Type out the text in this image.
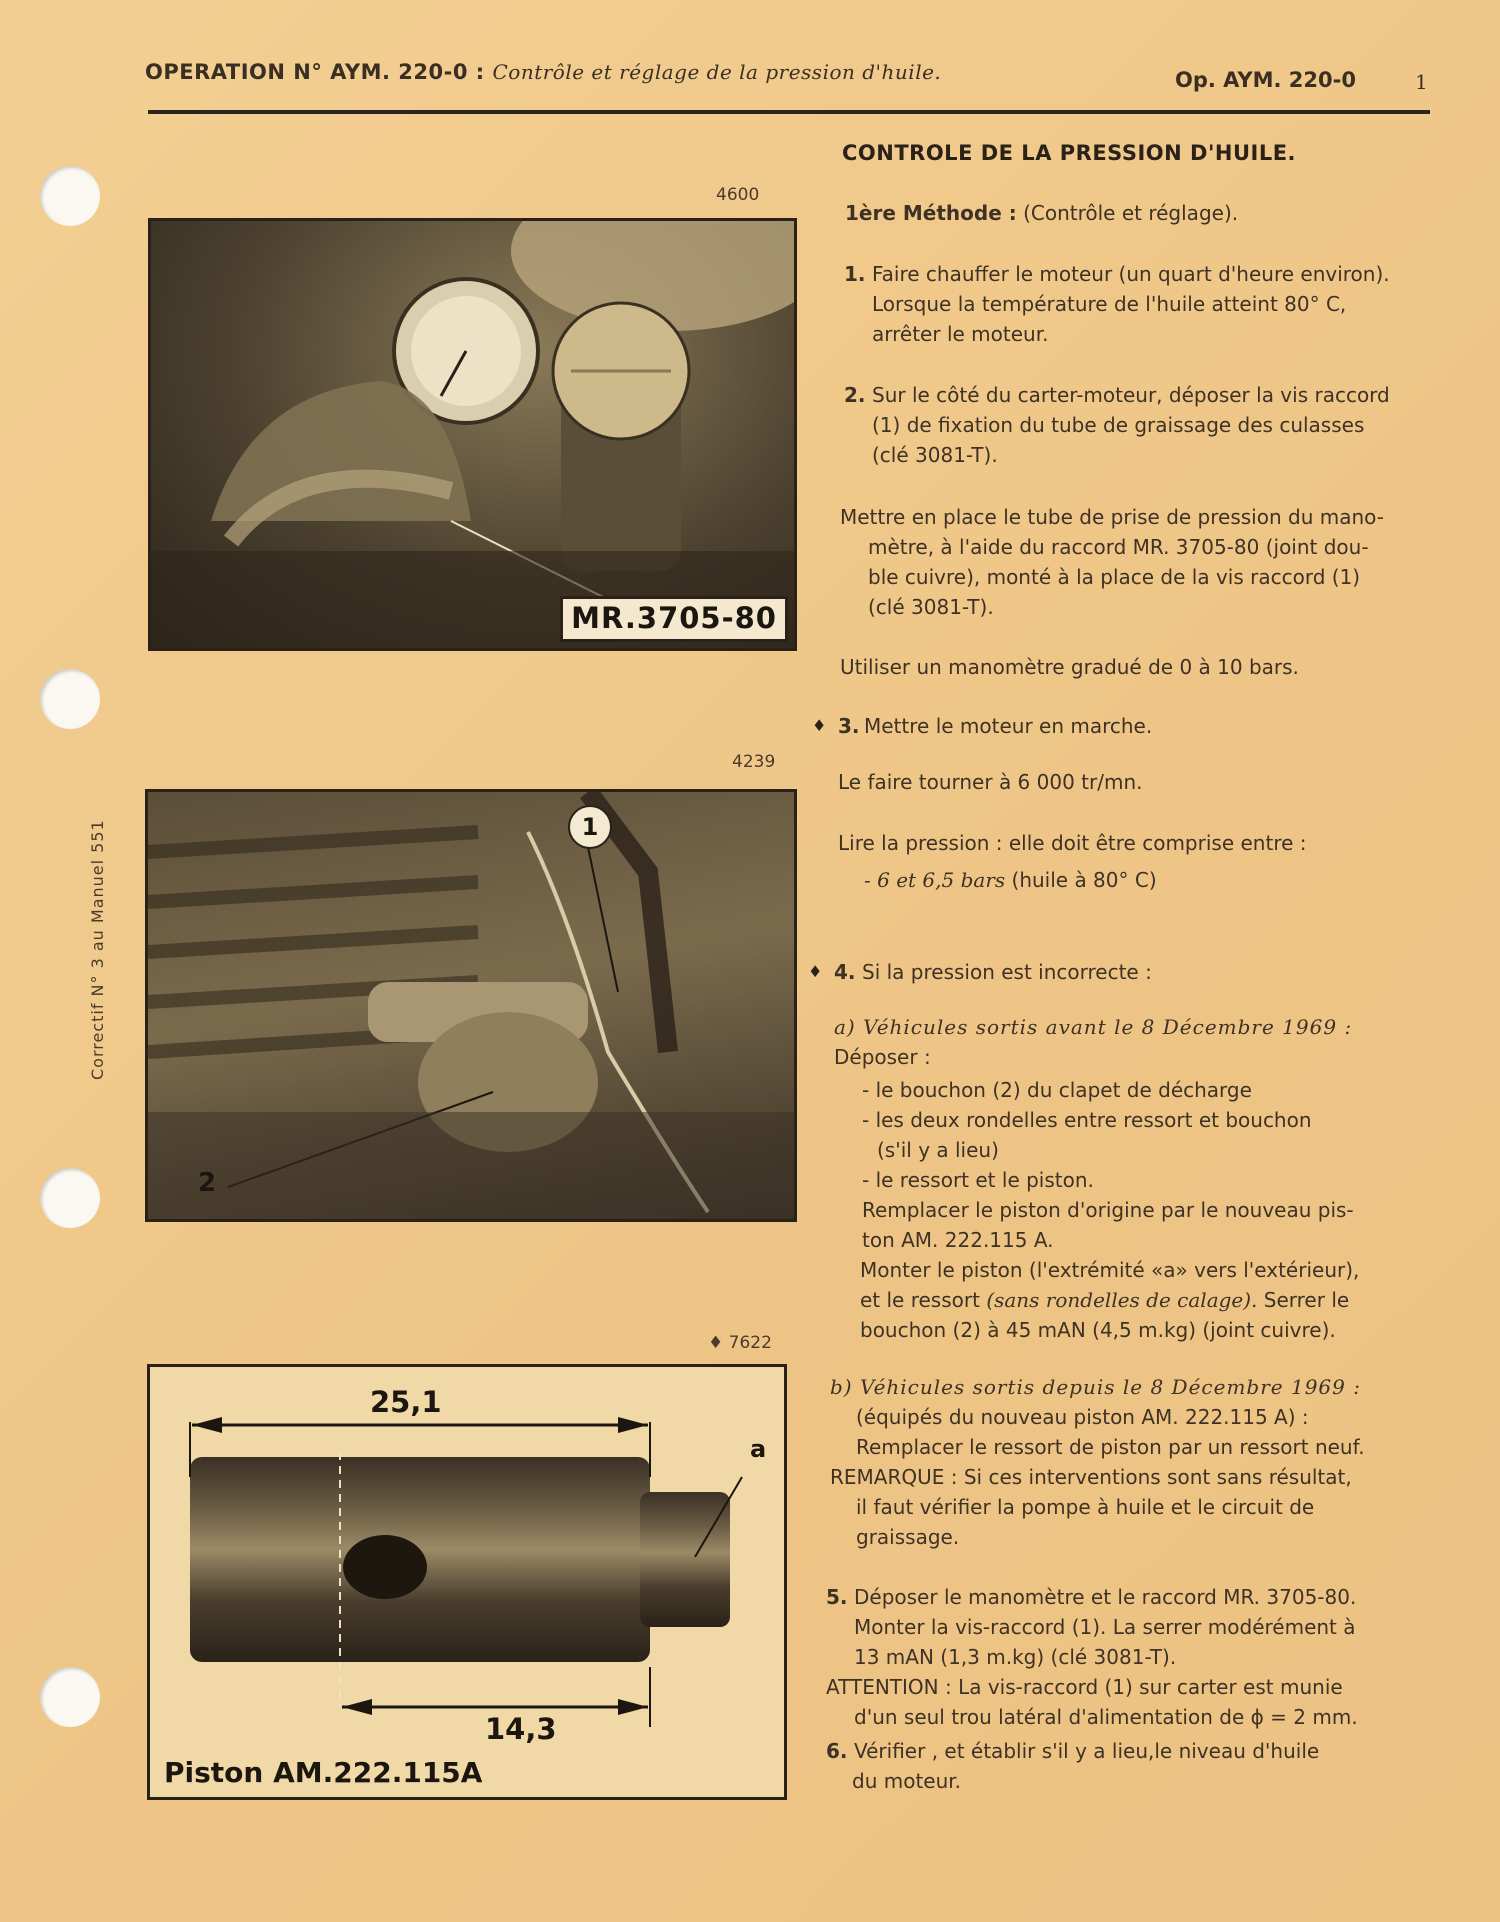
OPERATION N° AYM. 220-0 : Contrôle et réglage de la pression d'huile.	Op. AYM. 220-0	1
Correctif N° 3 au Manuel 551
4600
MR.3705-80
4239
1
2
♦ 7622
25,1
14,3
a
Piston AM.222.115A
CONTROLE DE LA PRESSION D'HUILE.
1ère Méthode : (Contrôle et réglage).
1. Faire chauffer le moteur (un quart d'heure environ).
Lorsque la température de l'huile atteint 80° C,
arrêter le moteur.
2. Sur le côté du carter-moteur, déposer la vis raccord
(1) de fixation du tube de graissage des culasses
(clé 3081-T).
Mettre en place le tube de prise de pression du mano-
mètre, à l'aide du raccord MR. 3705-80 (joint dou-
ble cuivre), monté à la place de la vis raccord (1)
(clé 3081-T).
Utiliser un manomètre gradué de 0 à 10 bars.
♦ 3. Mettre le moteur en marche.
Le faire tourner à 6 000 tr/mn.
Lire la pression : elle doit être comprise entre :
- 6 et 6,5 bars (huile à 80° C)
♦ 4. Si la pression est incorrecte :
a) Véhicules sortis avant le 8 Décembre 1969 :
Déposer :
- le bouchon (2) du clapet de décharge
- les deux rondelles entre ressort et bouchon
(s'il y a lieu)
- le ressort et le piston.
Remplacer le piston d'origine par le nouveau pis-
ton AM. 222.115 A.
Monter le piston (l'extrémité «a» vers l'extérieur),
et le ressort (sans rondelles de calage). Serrer le
bouchon (2) à 45 mAN (4,5 m.kg) (joint cuivre).
b) Véhicules sortis depuis le 8 Décembre 1969 :
(équipés du nouveau piston AM. 222.115 A) :
Remplacer le ressort de piston par un ressort neuf.
REMARQUE : Si ces interventions sont sans résultat,
il faut vérifier la pompe à huile et le circuit de
graissage.
5. Déposer le manomètre et le raccord MR. 3705-80.
Monter la vis-raccord (1). La serrer modérément à
13 mAN (1,3 m.kg) (clé 3081-T).
ATTENTION : La vis-raccord (1) sur carter est munie
d'un seul trou latéral d'alimentation de ϕ = 2 mm.
6. Vérifier , et établir s'il y a lieu,le niveau d'huile
du moteur.
